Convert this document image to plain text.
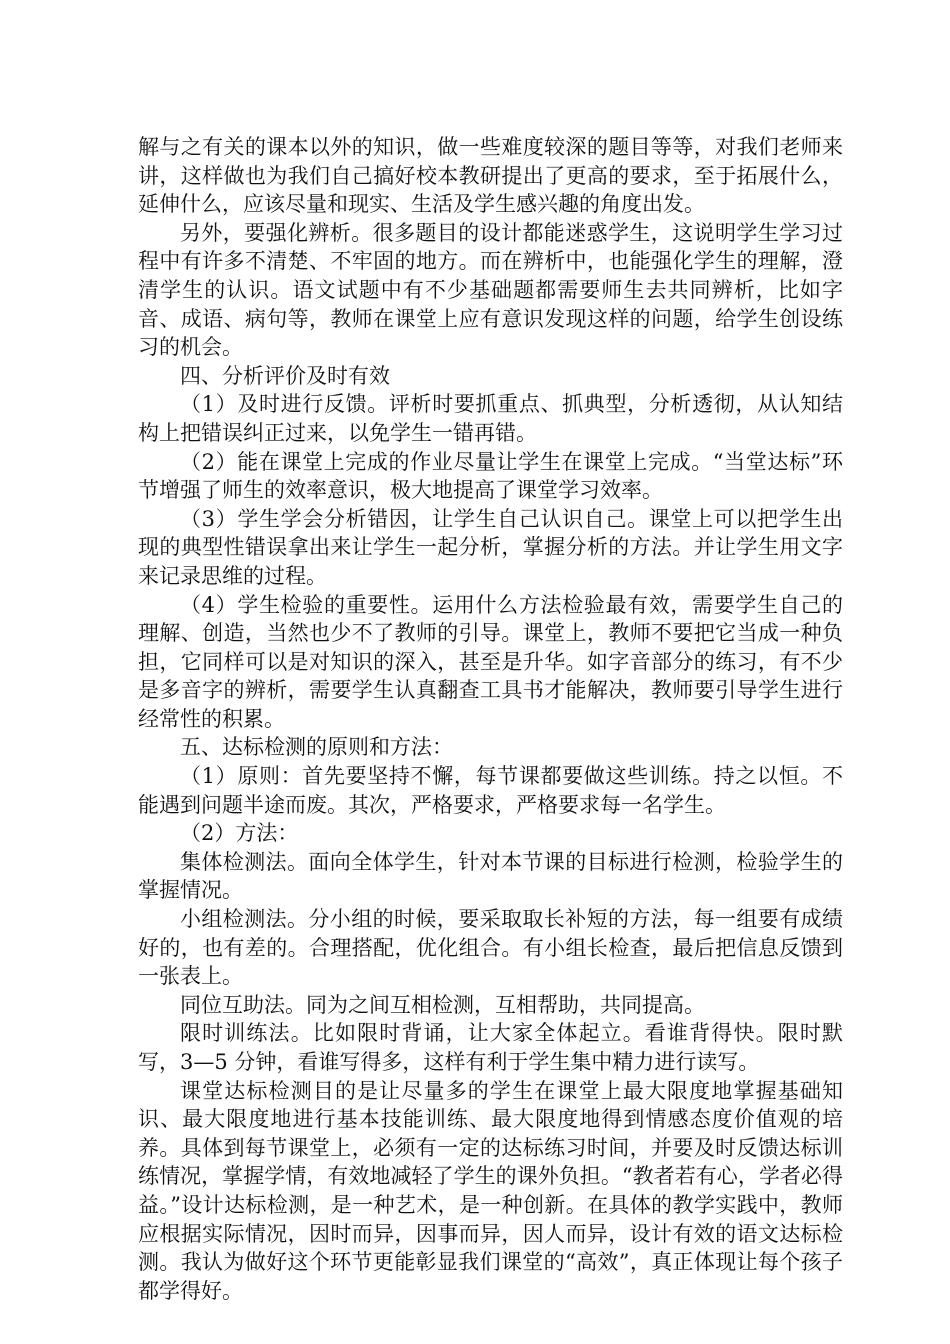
解与之有关的课本以外的知识，做一些难度较深的题目等等，对我们老师来讲，这样做也为我们自己搞好校本教研提出了更高的要求，至于拓展什么，延伸什么，应该尽量和现实、生活及学生感兴趣的角度出发。

另外，要强化辨析。很多题目的设计都能迷惑学生，这说明学生学习过程中有许多不清楚、不牢固的地方。而在辨析中，也能强化学生的理解，澄清学生的认识。语文试题中有不少基础题都需要师生去共同辨析，比如字音、成语、病句等，教师在课堂上应有意识发现这样的问题，给学生创设练习的机会。

四、分析评价及时有效

（1）及时进行反馈。评析时要抓重点、抓典型，分析透彻，从认知结构上把错误纠正过来，以免学生一错再错。

（2）能在课堂上完成的作业尽量让学生在课堂上完成。“当堂达标”环节增强了师生的效率意识，极大地提高了课堂学习效率。

（3）学生学会分析错因，让学生自己认识自己。课堂上可以把学生出现的典型性错误拿出来让学生一起分析，掌握分析的方法。并让学生用文字来记录思维的过程。

（4）学生检验的重要性。运用什么方法检验最有效，需要学生自己的理解、创造，当然也少不了教师的引导。课堂上，教师不要把它当成一种负担，它同样可以是对知识的深入，甚至是升华。如字音部分的练习，有不少是多音字的辨析，需要学生认真翻查工具书才能解决，教师要引导学生进行经常性的积累。

五、达标检测的原则和方法：

（1）原则：首先要坚持不懈，每节课都要做这些训练。持之以恒。不能遇到问题半途而废。其次，严格要求，严格要求每一名学生。

（2）方法：

集体检测法。面向全体学生，针对本节课的目标进行检测，检验学生的掌握情况。

小组检测法。分小组的时候，要采取取长补短的方法，每一组要有成绩好的，也有差的。合理搭配，优化组合。有小组长检查，最后把信息反馈到一张表上。

同位互助法。同为之间互相检测，互相帮助，共同提高。

限时训练法。比如限时背诵，让大家全体起立。看谁背得快。限时默写，3—5 分钟，看谁写得多，这样有利于学生集中精力进行读写。

课堂达标检测目的是让尽量多的学生在课堂上最大限度地掌握基础知识、最大限度地进行基本技能训练、最大限度地得到情感态度价值观的培养。具体到每节课堂上，必须有一定的达标练习时间，并要及时反馈达标训练情况，掌握学情，有效地减轻了学生的课外负担。“教者若有心，学者必得益。”设计达标检测，是一种艺术，是一种创新。在具体的教学实践中，教师应根据实际情况，因时而异，因事而异，因人而异，设计有效的语文达标检测。我认为做好这个环节更能彰显我们课堂的“高效”，真正体现让每个孩子都学得好。
